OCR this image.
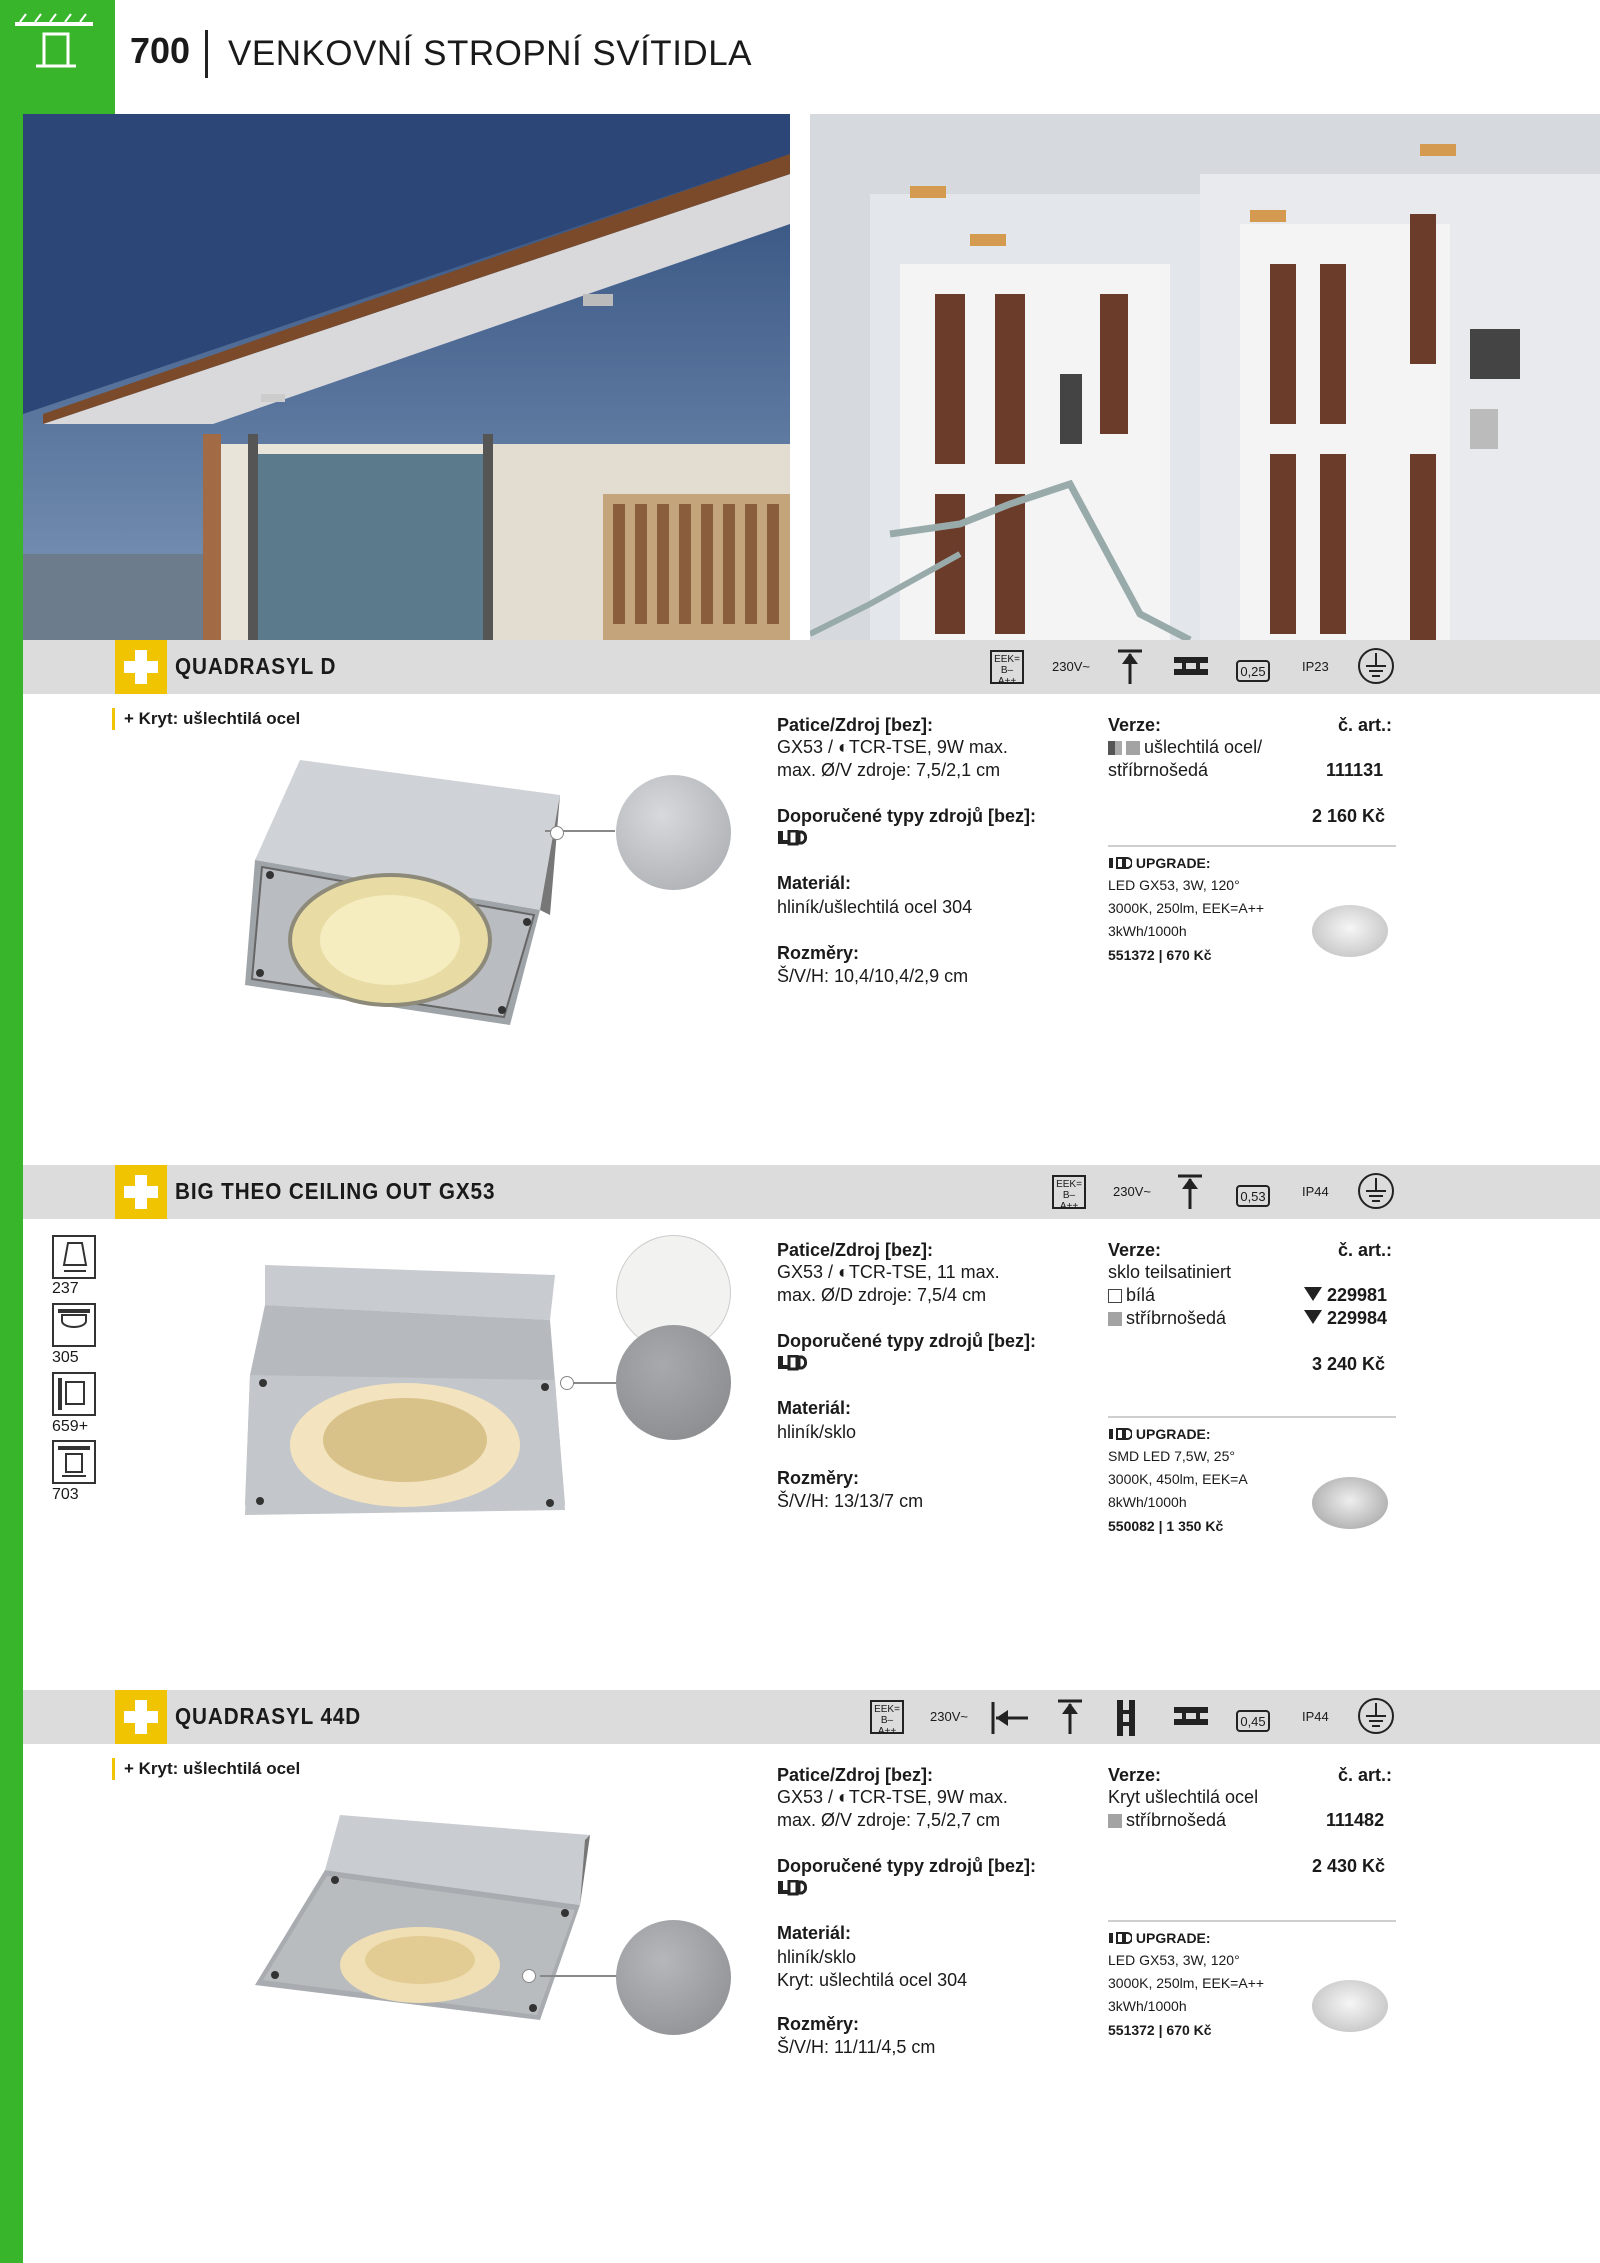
700 VENKOVNÍ STROPNÍ SVÍTIDLA
QUADRASYL D	EEK=
B–A++
230V~	0,25	IP23
+ Kryt: ušlechtilá ocel	Patice/Zdroj [bez]:
GX53 / ◐TCR-TSE, 9W max.
max. Ø/V zdroje: 7,5/2,1 cm
Doporučené typy zdrojů [bez]:
Materiál:
hliník/ušlechtilá ocel 304
Rozměry:
Š/V/H: 10,4/10,4/2,9 cm
Verze:	č. art.:
ušlechtilá ocel/
stříbrnošedá	111131
2 160 Kč
UPGRADE:
LED GX53, 3W, 120°
3000K, 250lm, EEK=A++
3kWh/1000h
551372 | 670 Kč
BIG THEO CEILING OUT GX53	EEK=
B–A++
230V~	0,53	IP44
237
305
659+
703
Patice/Zdroj [bez]:
GX53 / ◐TCR-TSE, 11 max.
max. Ø/D zdroje: 7,5/4 cm
Doporučené typy zdrojů [bez]:
Materiál:
hliník/sklo
Rozměry:
Š/V/H: 13/13/7 cm
Verze:	č. art.:
sklo teilsatiniert
bílá	229981
stříbrnošedá	229984
3 240 Kč
UPGRADE:
SMD LED 7,5W, 25°
3000K, 450lm, EEK=A
8kWh/1000h
550082 | 1 350 Kč
QUADRASYL 44D	EEK=
B–A++
230V~	0,45	IP44
+ Kryt: ušlechtilá ocel	Patice/Zdroj [bez]:
GX53 / ◐TCR-TSE, 9W max.
max. Ø/V zdroje: 7,5/2,7 cm
Doporučené typy zdrojů [bez]:
Materiál:
hliník/sklo
Kryt: ušlechtilá ocel 304
Rozměry:
Š/V/H: 11/11/4,5 cm
Verze:	č. art.:
Kryt ušlechtilá ocel
stříbrnošedá	111482
2 430 Kč
UPGRADE:
LED GX53, 3W, 120°
3000K, 250lm, EEK=A++
3kWh/1000h
551372 | 670 Kč
